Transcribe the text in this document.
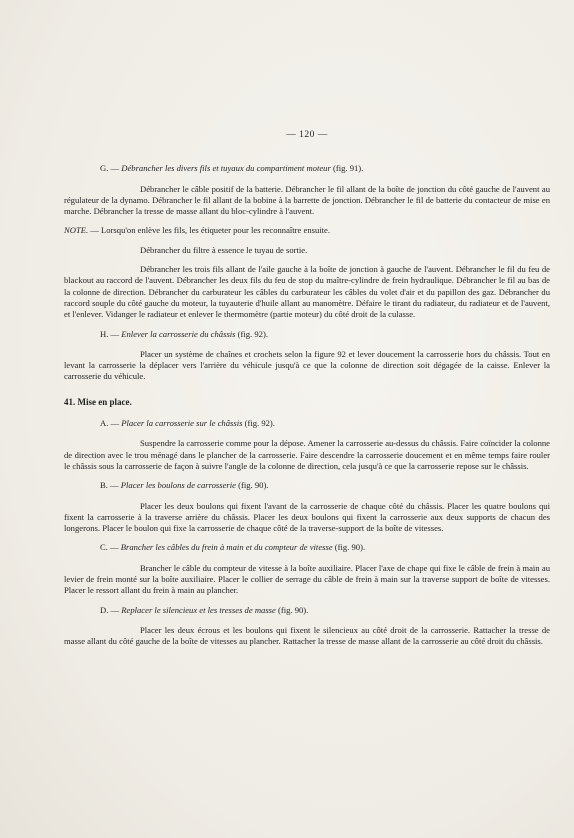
— 120 —
G. — Débrancher les divers fils et tuyaux du compartiment moteur (fig. 91).
Débrancher le câble positif de la batterie. Débrancher le fil allant de la boîte de jonction du côté gauche de l'auvent au régulateur de la dynamo. Débrancher le fil allant de la bobine à la barrette de jonction. Débrancher le fil de batterie du contacteur de mise en marche. Débrancher la tresse de masse allant du bloc-cylindre à l'auvent.
NOTE. — Lorsqu'on enlève les fils, les étiqueter pour les reconnaître ensuite.
Débrancher du filtre à essence le tuyau de sortie.
Débrancher les trois fils allant de l'aile gauche à la boîte de jonction à gauche de l'auvent. Débrancher le fil du feu de blackout au raccord de l'auvent. Débrancher les deux fils du feu de stop du maître-cylindre de frein hydraulique. Débrancher le fil au bas de la colonne de direction. Débrancher du carburateur les câbles du carburateur les câbles du volet d'air et du papillon des gaz. Débrancher du raccord souple du côté gauche du moteur, la tuyauterie d'huile allant au manomètre. Défaire le tirant du radiateur, du radiateur et de l'auvent, et l'enlever. Vidanger le radiateur et enlever le thermomètre (partie moteur) du côté droit de la culasse.
H. — Enlever la carrosserie du châssis (fig. 92).
Placer un système de chaînes et crochets selon la figure 92 et lever doucement la carrosserie hors du châssis. Tout en levant la carrosserie la déplacer vers l'arrière du véhicule jusqu'à ce que la colonne de direction soit dégagée de la caisse. Enlever la carrosserie du véhicule.
41. Mise en place.
A. — Placer la carrosserie sur le châssis (fig. 92).
Suspendre la carrosserie comme pour la dépose. Amener la carrosserie au-dessus du châssis. Faire coïncider la colonne de direction avec le trou ménagé dans le plancher de la carrosserie. Faire descendre la carrosserie doucement et en même temps faire rouler le châssis sous la carrosserie de façon à suivre l'angle de la colonne de direction, cela jusqu'à ce que la carrosserie repose sur le châssis.
B. — Placer les boulons de carrosserie (fig. 90).
Placer les deux boulons qui fixent l'avant de la carrosserie de chaque côté du châssis. Placer les quatre boulons qui fixent la carrosserie à la traverse arrière du châssis. Placer les deux boulons qui fixent la carrosserie aux deux supports de chacun des longerons. Placer le boulon qui fixe la carrosserie de chaque côté de la traverse-support de la boîte de vitesses.
C. — Brancher les câbles du frein à main et du compteur de vitesse (fig. 90).
Brancher le câble du compteur de vitesse à la boîte auxiliaire. Placer l'axe de chape qui fixe le câble de frein à main au levier de frein monté sur la boîte auxiliaire. Placer le collier de serrage du câble de frein à main sur la traverse support de boîte de vitesses. Placer le ressort allant du frein à main au plancher.
D. — Replacer le silencieux et les tresses de masse (fig. 90).
Placer les deux écrous et les boulons qui fixent le silencieux au côté droit de la carrosserie. Rattacher la tresse de masse allant du côté gauche de la boîte de vitesses au plancher. Rattacher la tresse de masse allant de la carrosserie au côté droit du châssis.
